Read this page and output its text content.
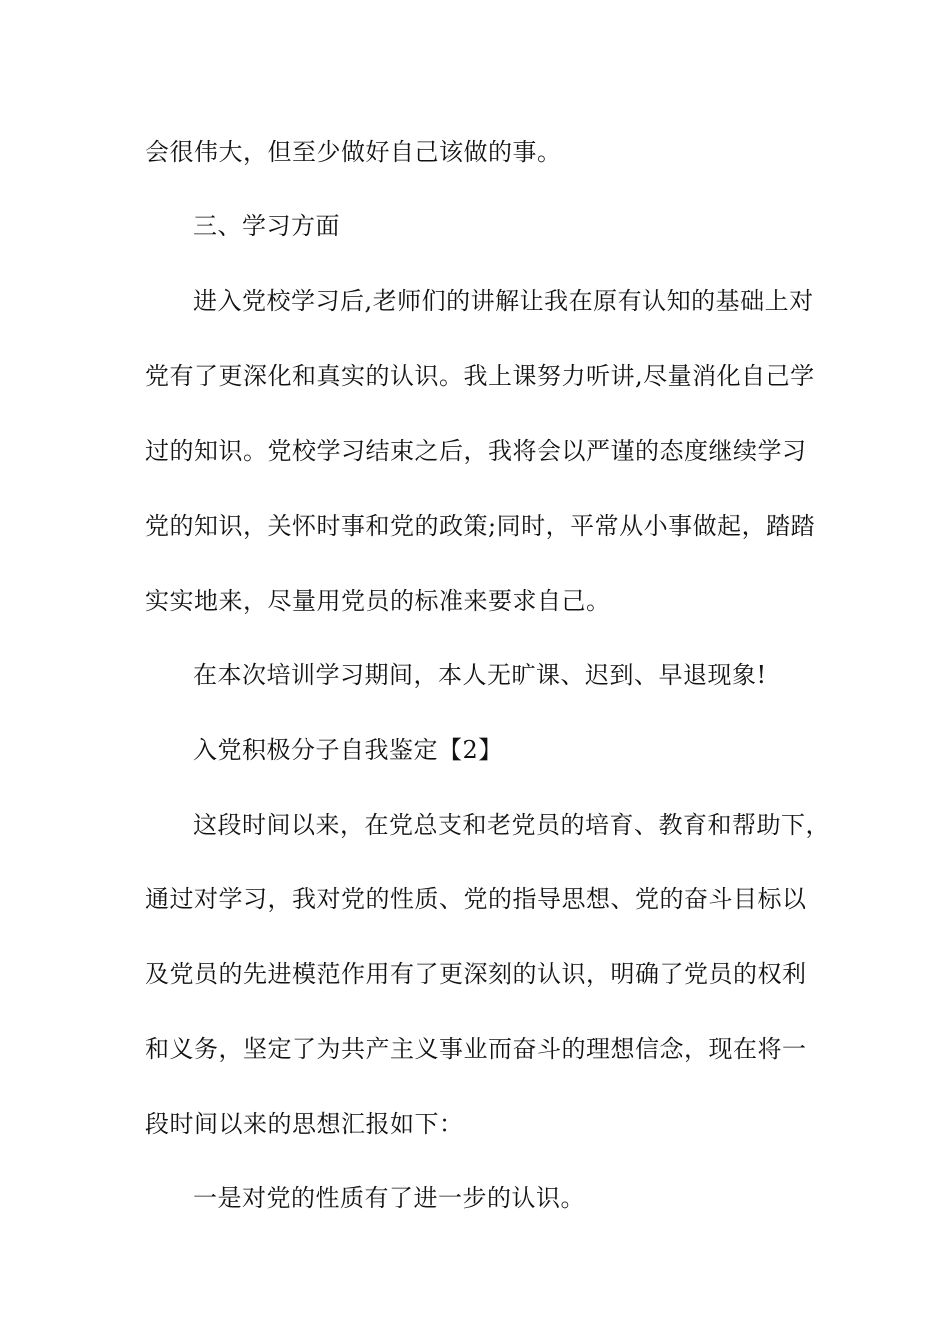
会很伟大，但至少做好自己该做的事。
三、学习方面
进入党校学习后,老师们的讲解让我在原有认知的基础上对
党有了更深化和真实的认识。我上课努力听讲,尽量消化自己学
过的知识。党校学习结束之后，我将会以严谨的态度继续学习
党的知识，关怀时事和党的政策;同时，平常从小事做起，踏踏
实实地来，尽量用党员的标准来要求自己。
在本次培训学习期间，本人无旷课、迟到、早退现象!
入党积极分子自我鉴定【2】
这段时间以来，在党总支和老党员的培育、教育和帮助下，
通过对学习，我对党的性质、党的指导思想、党的奋斗目标以
及党员的先进模范作用有了更深刻的认识，明确了党员的权利
和义务，坚定了为共产主义事业而奋斗的理想信念，现在将一
段时间以来的思想汇报如下：
一是对党的性质有了进一步的认识。
